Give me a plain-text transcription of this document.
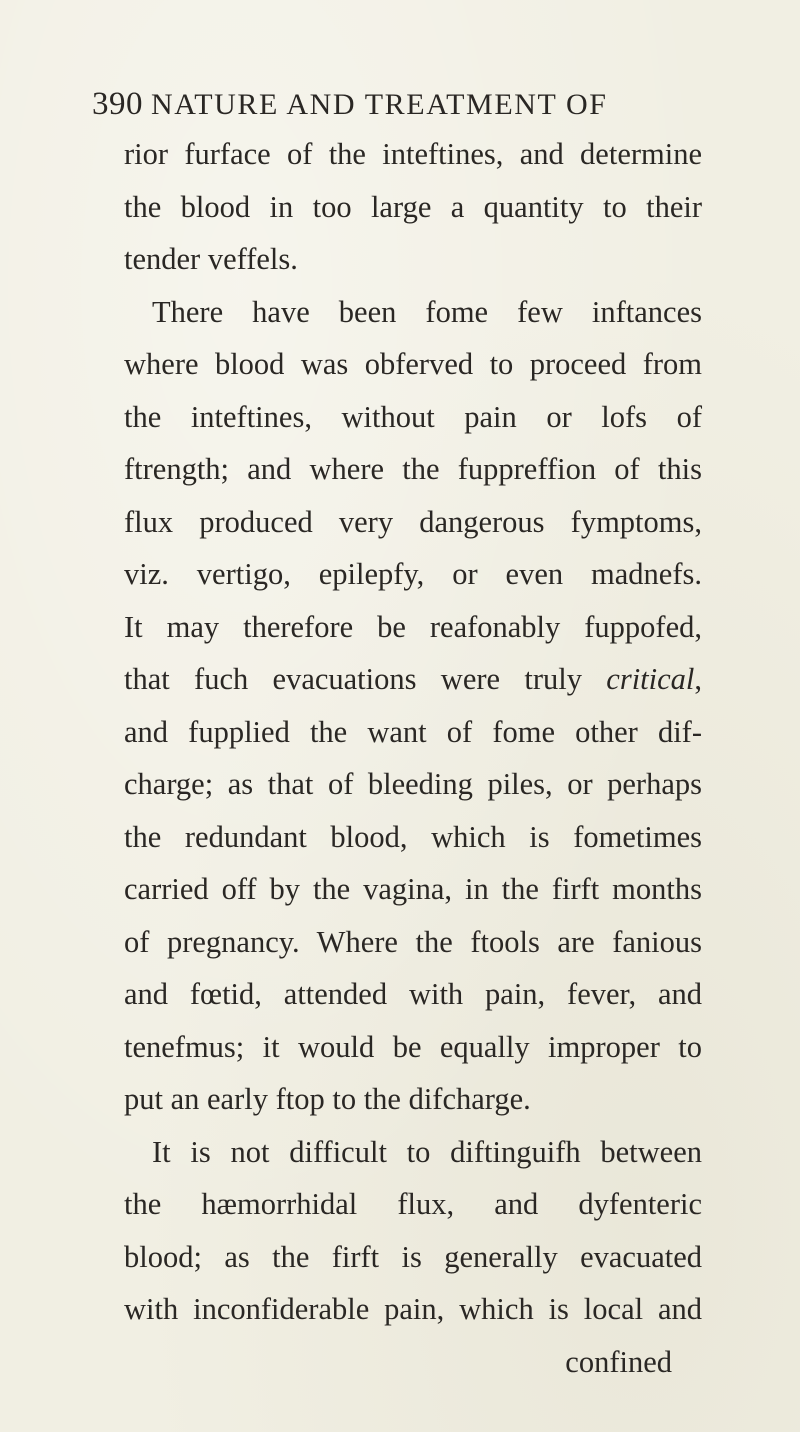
390 NATURE AND TREATMENT OF
rior furface of the inteftines, and determine
the blood in too large a quantity to their
tender veffels.
There have been fome few inftances
where blood was obferved to proceed from
the inteftines, without pain or lofs of
ftrength; and where the fuppreffion of this
flux produced very dangerous fymptoms,
viz. vertigo, epilepfy, or even madnefs.
It may therefore be reafonably fuppofed,
that fuch evacuations were truly critical,
and fupplied the want of fome other dif-
charge; as that of bleeding piles, or perhaps
the redundant blood, which is fometimes
carried off by the vagina, in the firft months
of pregnancy. Where the ftools are fanious
and fœtid, attended with pain, fever, and
tenefmus; it would be equally improper to
put an early ftop to the difcharge.
It is not difficult to diftinguifh between
the hæmorrhidal flux, and dyfenteric
blood; as the firft is generally evacuated
with inconfiderable pain, which is local and
confined
